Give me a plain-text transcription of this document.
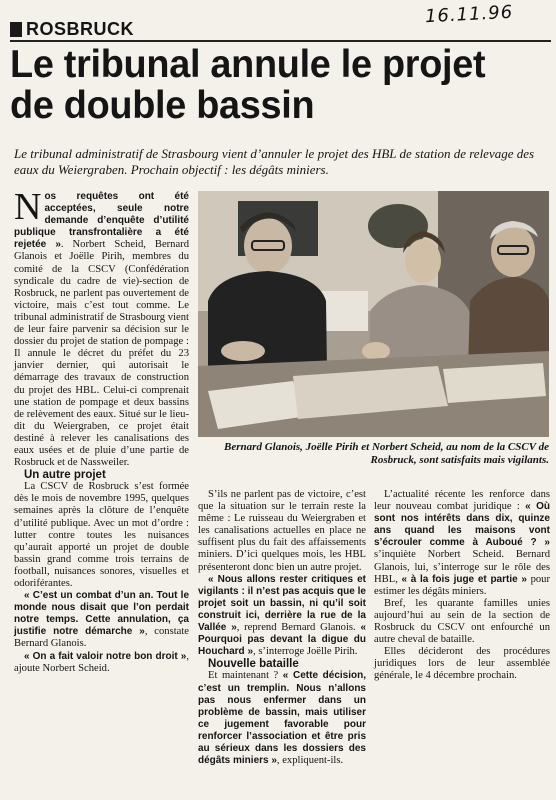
ROSBRUCK
16.11.96
Le tribunal annule le projet de double bassin

Le tribunal administratif de Strasbourg vient d’annuler le projet des HBL de station de relevage des eaux du Weiergraben. Prochain objectif : les dégâts miniers.

Nos requêtes ont été acceptées, seule notre demande d’enquête d’utilité publique transfrontalière a été rejetée ». Norbert Scheid, Bernard Glanois et Joëlle Pirih, membres du comité de la CSCV (Confédération syndicale du cadre de vie)-section de Rosbruck, ne parlent pas ouvertement de victoire, mais c’est tout comme. Le tribunal administratif de Strasbourg vient de leur faire parvenir sa décision sur le dossier du projet de station de pompage : Il annule le décret du préfet du 23 janvier dernier, qui autorisait le démarrage des travaux de construction du projet des HBL. Celui-ci comprenait une station de pompage et deux bassins de relèvement des eaux. Situé sur le lieu-dit du Weiergraben, ce projet était destiné à relever les canalisations des eaux usées et de pluie d’une partie de Rosbruck et de Nassweiler.

Un autre projet

La CSCV de Rosbruck s’est formée dès le mois de novembre 1995, quelques semaines après la clôture de l’enquête d’utilité publique. Avec un mot d’ordre : lutter contre toutes les nuisances qu’aurait apporté un projet de double bassin grand comme trois terrains de football, nuisances sonores, visuelles et odoriférantes.

« C’est un combat d’un an. Tout le monde nous disait que l’on perdait notre temps. Cette annulation, ça justifie notre démarche », constate Bernard Glanois.

« On a fait valoir notre bon droit », ajoute Norbert Scheid.

Bernard Glanois, Joëlle Pirih et Norbert Scheid, au nom de la CSCV de Rosbruck, sont satisfaits mais vigilants.

S’ils ne parlent pas de victoire, c’est que la situation sur le terrain reste la même : Le ruisseau du Weiergraben et les canalisations actuelles en place ne suffisent plus du fait des affaissements miniers. D’ici quelques mois, les HBL présenteront donc bien un autre projet.

« Nous allons rester critiques et vigilants : il n’est pas acquis que le projet soit un bassin, ni qu’il soit construit ici, derrière la rue de la Vallée », reprend Bernard Glanois. « Pourquoi pas devant la digue du Houchard », s’interroge Joëlle Pirih.

Nouvelle bataille

Et maintenant ? « Cette décision, c’est un tremplin. Nous n’allons pas nous enfermer dans un problème de bassin, mais utiliser ce jugement favorable pour renforcer l’association et être pris au sérieux dans les dossiers des dégâts miniers », expliquent-ils.

L’actualité récente les renforce dans leur nouveau combat juridique : « Où sont nos intérêts dans dix, quinze ans quand les maisons vont s’écrouler comme à Auboué ? » s’inquiète Norbert Scheid. Bernard Glanois, lui, s’interroge sur le rôle des HBL, « à la fois juge et partie » pour estimer les dégâts miniers.

Bref, les quarante familles unies aujourd’hui au sein de la section de Rosbruck du CSCV ont enfourché un autre cheval de bataille.

Elles décideront des procédures juridiques lors de leur assemblée générale, le 4 décembre prochain.
